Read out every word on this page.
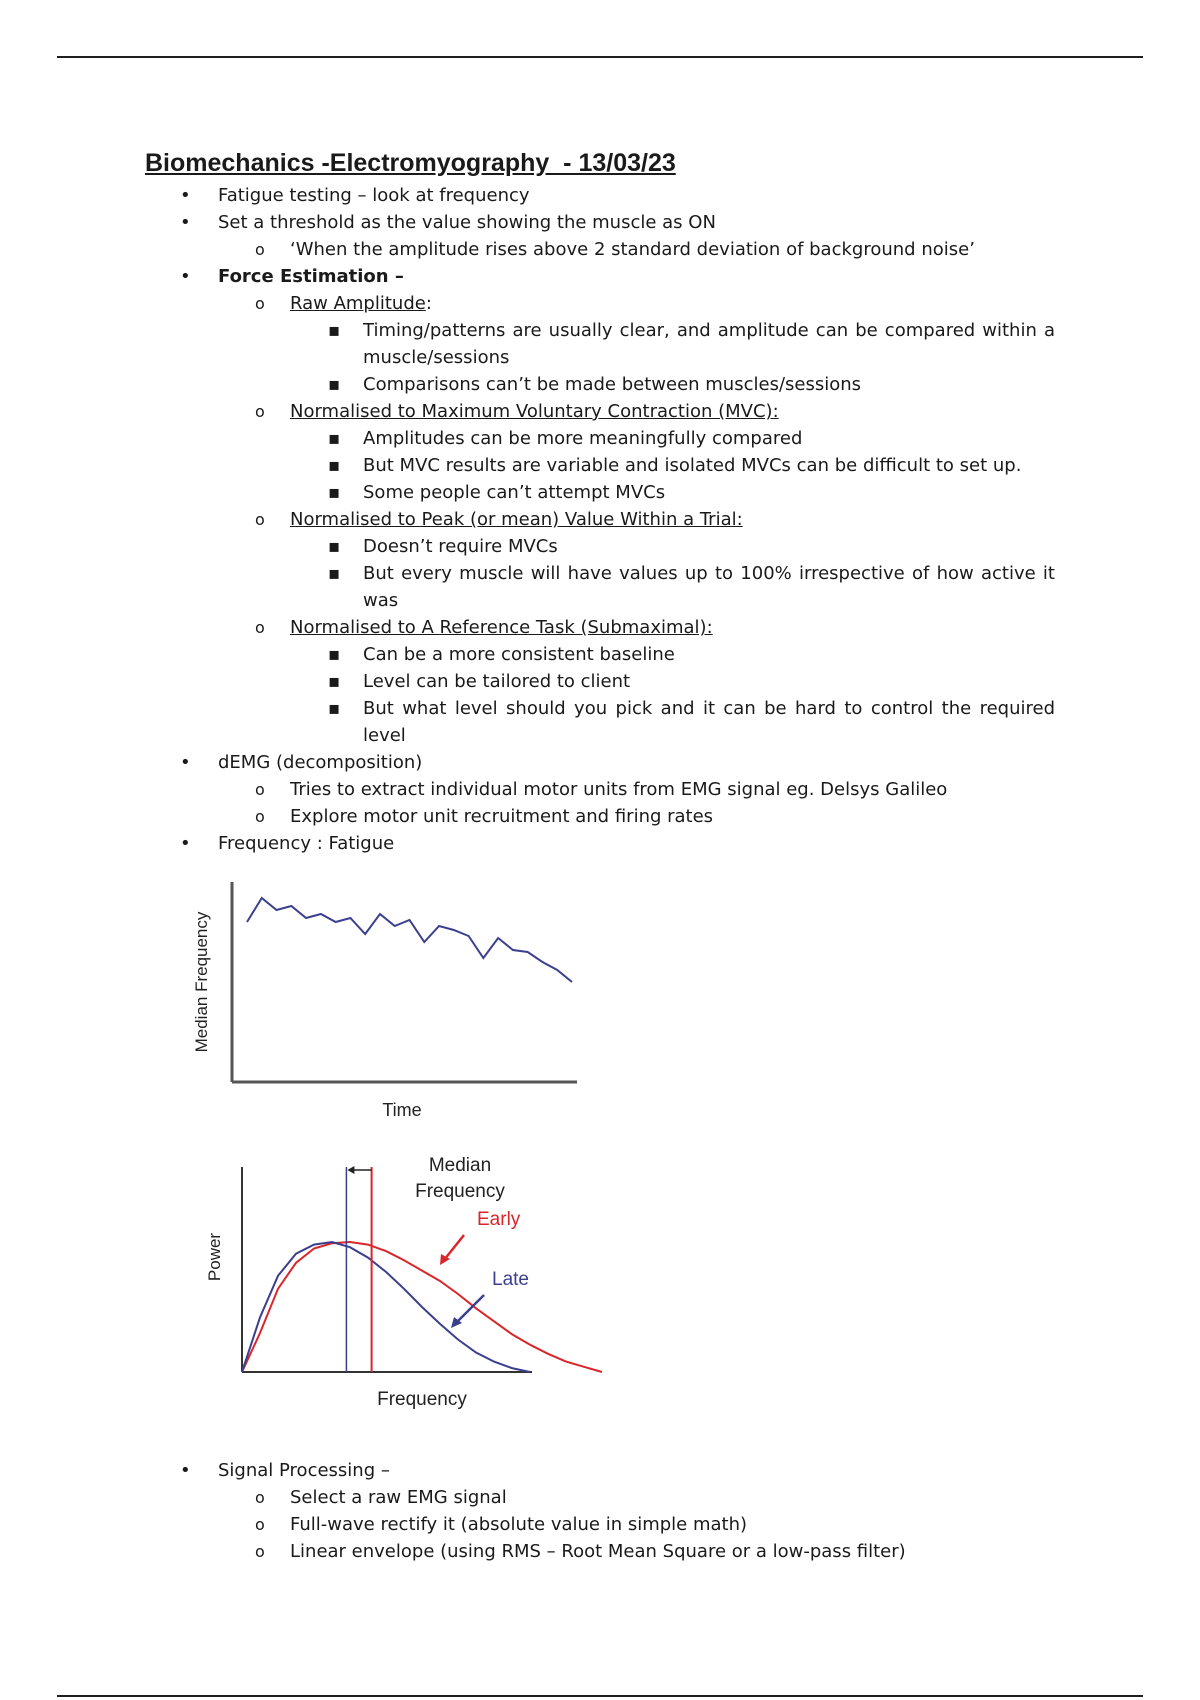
Biomechanics -Electromyography  - 13/03/23
• Fatigue testing – look at frequency
• Set a threshold as the value showing the muscle as ON
o ‘When the amplitude rises above 2 standard deviation of background noise’
• Force Estimation –
o Raw Amplitude:
▪ Timing/patterns are usually clear, and amplitude can be compared within a muscle/sessions
▪ Comparisons can’t be made between muscles/sessions
o Normalised to Maximum Voluntary Contraction (MVC):
▪ Amplitudes can be more meaningfully compared
▪ But MVC results are variable and isolated MVCs can be difficult to set up.
▪ Some people can’t attempt MVCs
o Normalised to Peak (or mean) Value Within a Trial:
▪ Doesn’t require MVCs
▪ But every muscle will have values up to 100% irrespective of how active it was
o Normalised to A Reference Task (Submaximal):
▪ Can be a more consistent baseline
▪ Level can be tailored to client
▪ But what level should you pick and it can be hard to control the required level
• dEMG (decomposition)
o Tries to extract individual motor units from EMG signal eg. Delsys Galileo
o Explore motor unit recruitment and firing rates
• Frequency : Fatigue
Median Frequency
Time
Median
Frequency
Early
Late
Power
Frequency
• Signal Processing –
o Select a raw EMG signal
o Full-wave rectify it (absolute value in simple math)
o Linear envelope (using RMS – Root Mean Square or a low-pass filter)
